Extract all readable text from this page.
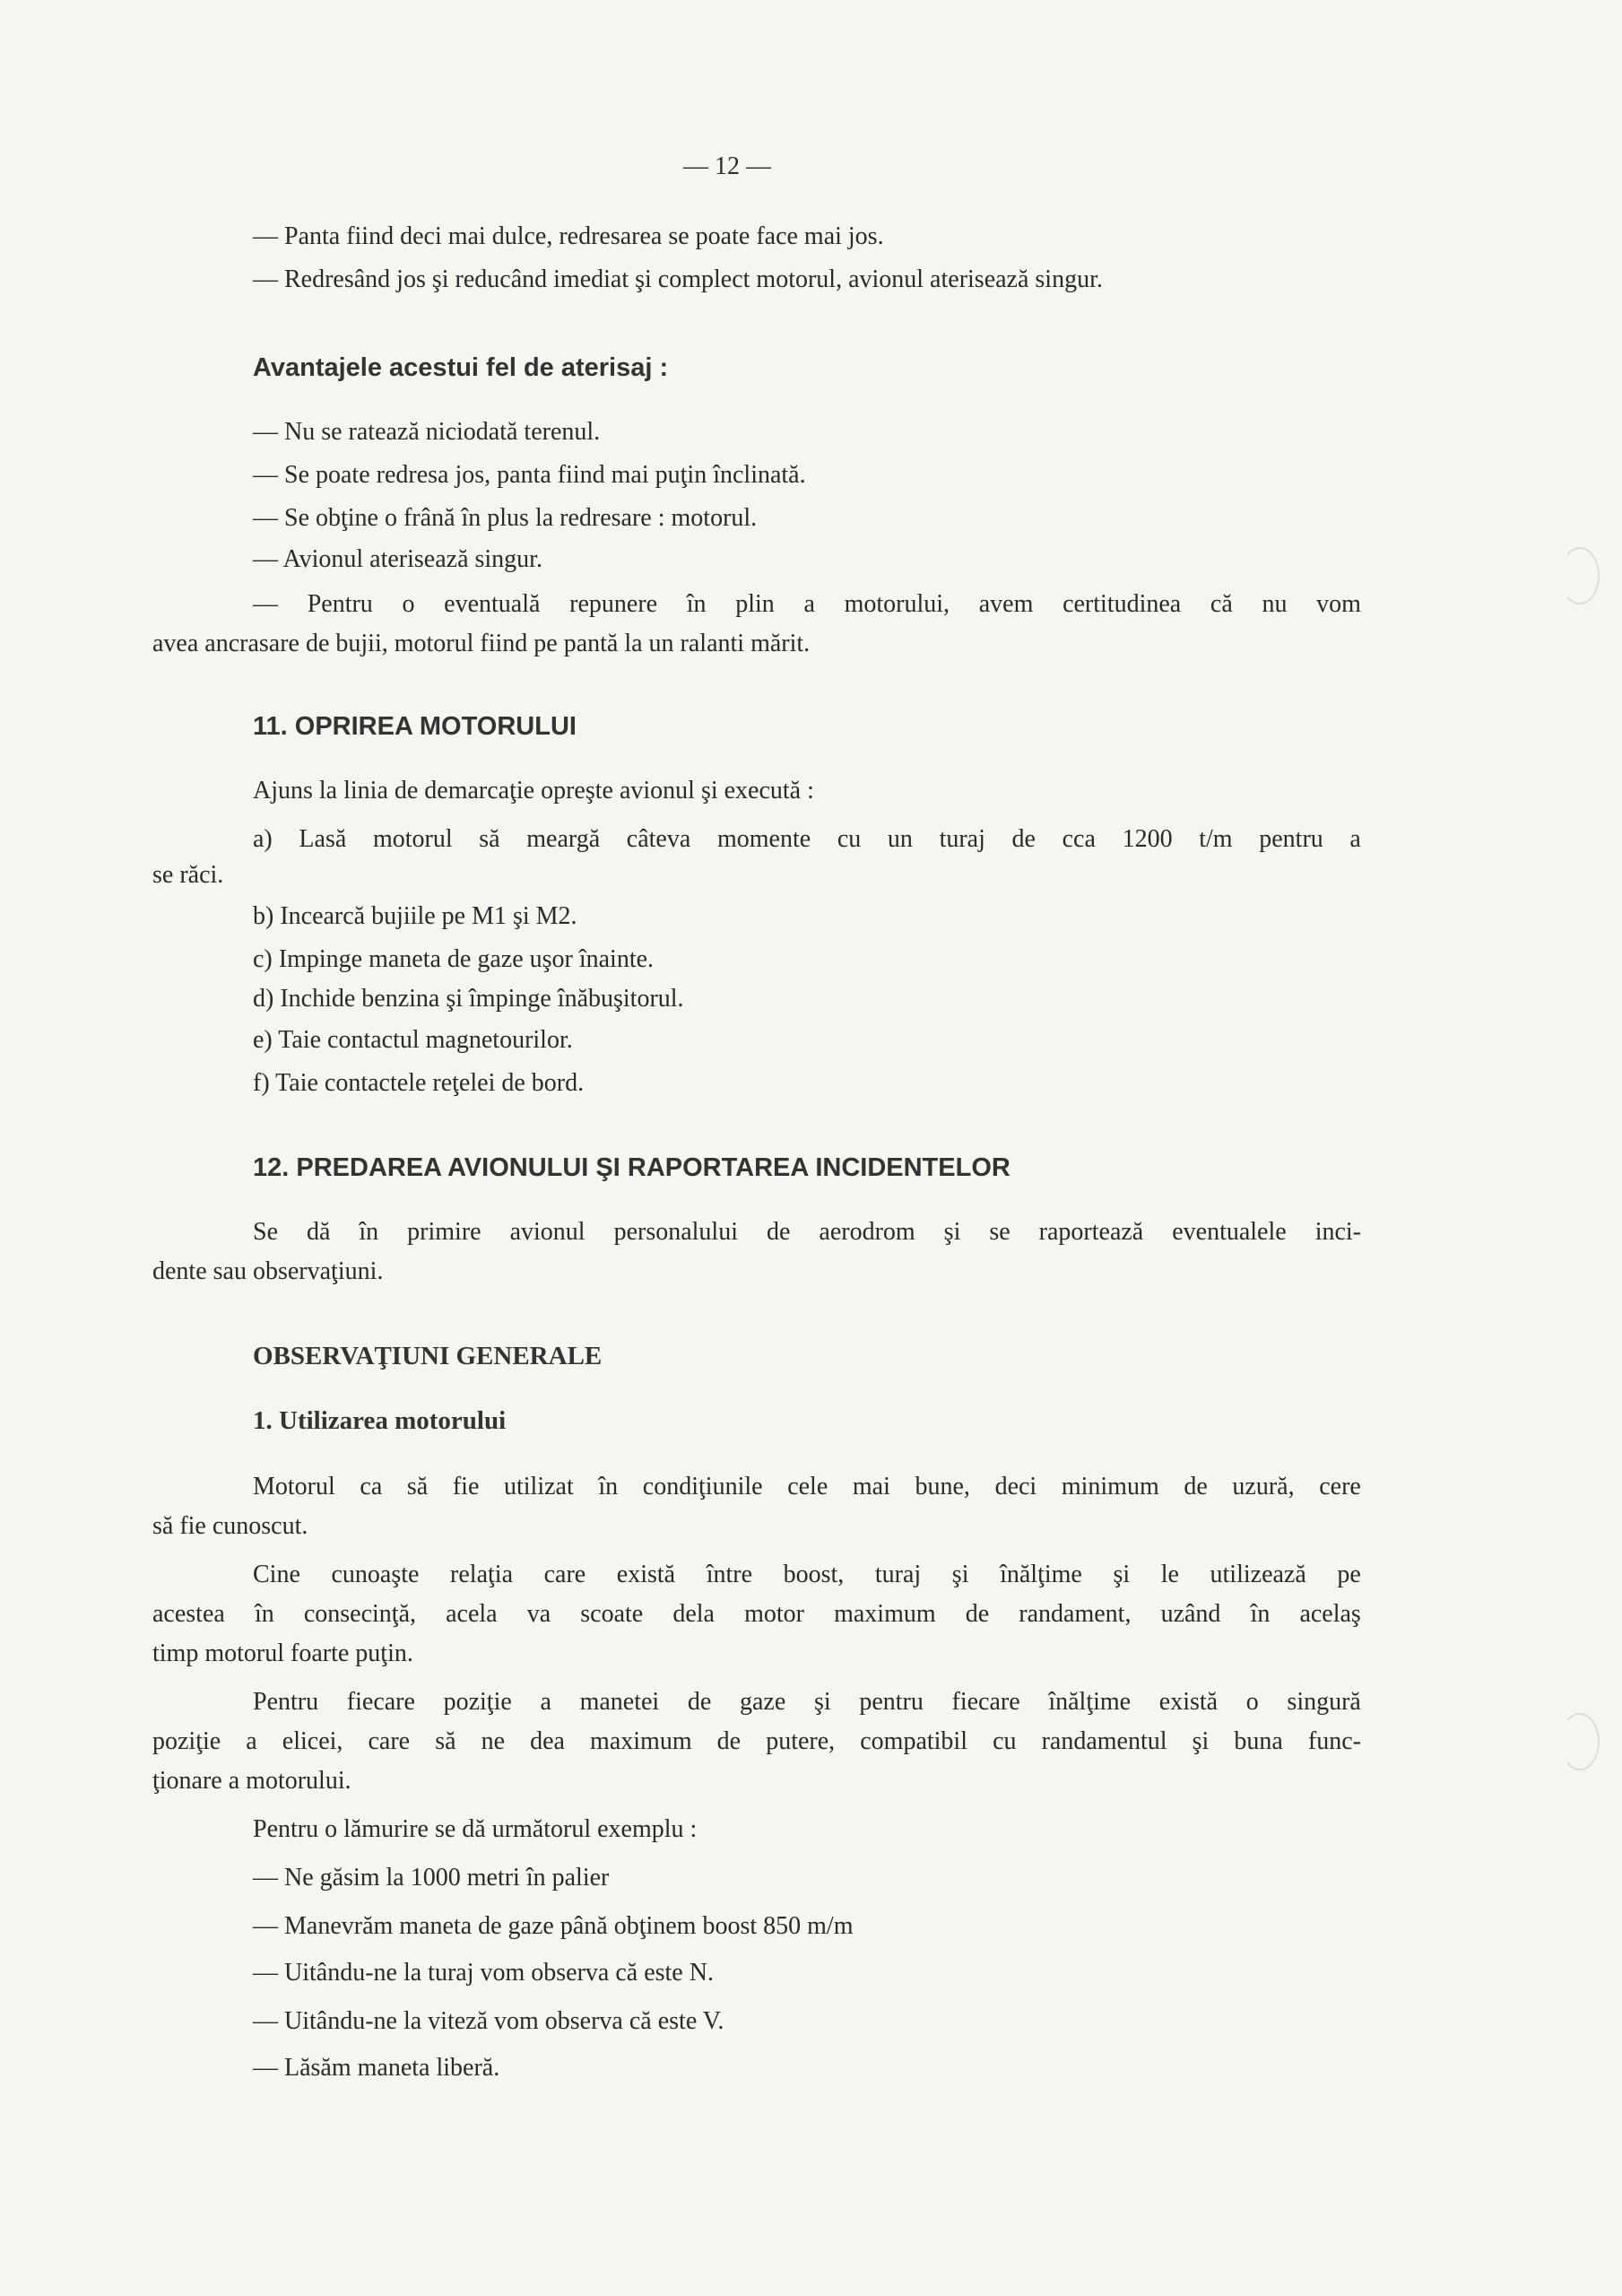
— 12 —
— Panta fiind deci mai dulce, redresarea se poate face mai jos.
— Redresând jos şi reducând imediat şi complect motorul, avionul aterisează singur.
Avantajele acestui fel de aterisaj :
— Nu se ratează niciodată terenul.
— Se poate redresa jos, panta fiind mai puţin înclinată.
— Se obţine o frână în plus la redresare : motorul.
— Avionul aterisează singur.
— Pentru o eventuală repunere în plin a motorului, avem certitudinea că nu vom
avea ancrasare de bujii, motorul fiind pe pantă la un ralanti mărit.
11. OPRIREA MOTORULUI
Ajuns la linia de demarcaţie opreşte avionul şi execută :
a) Lasă motorul să meargă câteva momente cu un turaj de cca 1200 t/m pentru a
se răci.
b) Incearcă bujiile pe M1 şi M2.
c) Impinge maneta de gaze uşor înainte.
d) Inchide benzina şi împinge înăbuşitorul.
e) Taie contactul magnetourilor.
f) Taie contactele reţelei de bord.
12. PREDAREA AVIONULUI ŞI RAPORTAREA INCIDENTELOR
Se dă în primire avionul personalului de aerodrom şi se raportează eventualele inci-
dente sau observaţiuni.
OBSERVAŢIUNI GENERALE
1. Utilizarea motorului
Motorul ca să fie utilizat în condiţiunile cele mai bune, deci minimum de uzură, cere
să fie cunoscut.
Cine cunoaşte relaţia care există între boost, turaj şi înălţime şi le utilizează pe
acestea în consecinţă, acela va scoate dela motor maximum de randament, uzând în acelaş
timp motorul foarte puţin.
Pentru fiecare poziţie a manetei de gaze şi pentru fiecare înălţime există o singură
poziţie a elicei, care să ne dea maximum de putere, compatibil cu randamentul şi buna func-
ţionare a motorului.
Pentru o lămurire se dă următorul exemplu :
— Ne găsim la 1000 metri în palier
— Manevrăm maneta de gaze până obţinem boost 850 m/m
— Uitându-ne la turaj vom observa că este N.
— Uitându-ne la viteză vom observa că este V.
— Lăsăm maneta liberă.
